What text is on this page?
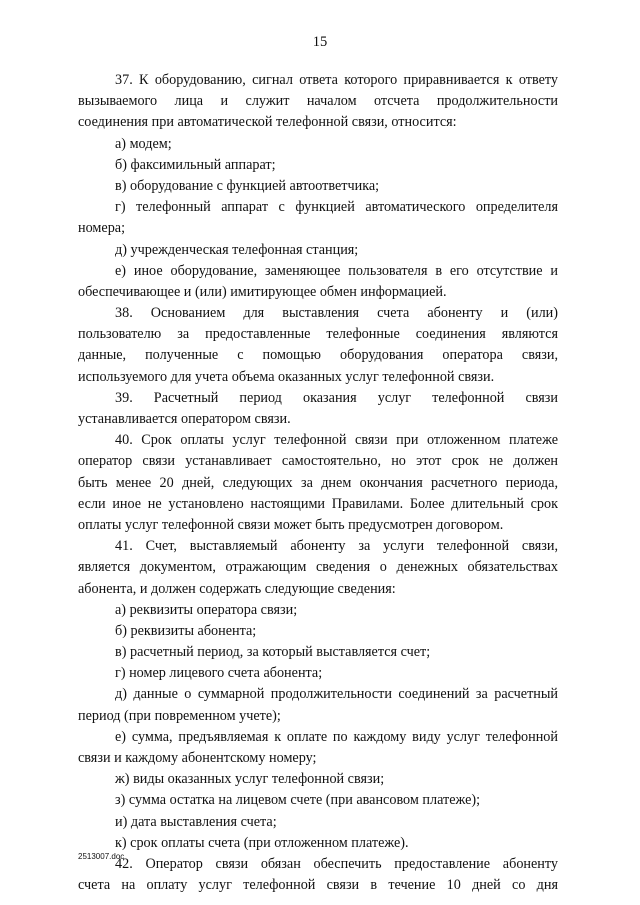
15
37. К оборудованию, сигнал ответа которого приравнивается к ответу
вызываемого лица и служит началом отсчета продолжительности
соединения при автоматической телефонной связи, относится:
а) модем;
б) факсимильный аппарат;
в) оборудование с функцией автоответчика;
г) телефонный аппарат с функцией автоматического определителя
номера;
д) учрежденческая телефонная станция;
е) иное оборудование, заменяющее пользователя в его отсутствие и
обеспечивающее и (или) имитирующее обмен информацией.
38. Основанием для выставления счета абоненту и (или)
пользователю за предоставленные телефонные соединения являются
данные, полученные с помощью оборудования оператора связи,
используемого для учета объема оказанных услуг телефонной связи.
39. Расчетный период оказания услуг телефонной связи
устанавливается оператором связи.
40. Срок оплаты услуг телефонной связи при отложенном платеже
оператор связи устанавливает самостоятельно, но этот срок не должен
быть менее 20 дней, следующих за днем окончания расчетного периода,
если иное не установлено настоящими Правилами. Более длительный срок
оплаты услуг телефонной связи может быть предусмотрен договором.
41. Счет, выставляемый абоненту за услуги телефонной связи,
является документом, отражающим сведения о денежных обязательствах
абонента, и должен содержать следующие сведения:
а) реквизиты оператора связи;
б) реквизиты абонента;
в) расчетный период, за который выставляется счет;
г) номер лицевого счета абонента;
д) данные о суммарной продолжительности соединений за расчетный
период (при повременном учете);
е) сумма, предъявляемая к оплате по каждому виду услуг телефонной
связи и каждому абонентскому номеру;
ж) виды оказанных услуг телефонной связи;
з) сумма остатка на лицевом счете (при авансовом платеже);
и) дата выставления счета;
к) срок оплаты счета (при отложенном платеже).
42. Оператор связи обязан обеспечить предоставление абоненту
счета на оплату услуг телефонной связи в течение 10 дней со дня
2513007.doc
